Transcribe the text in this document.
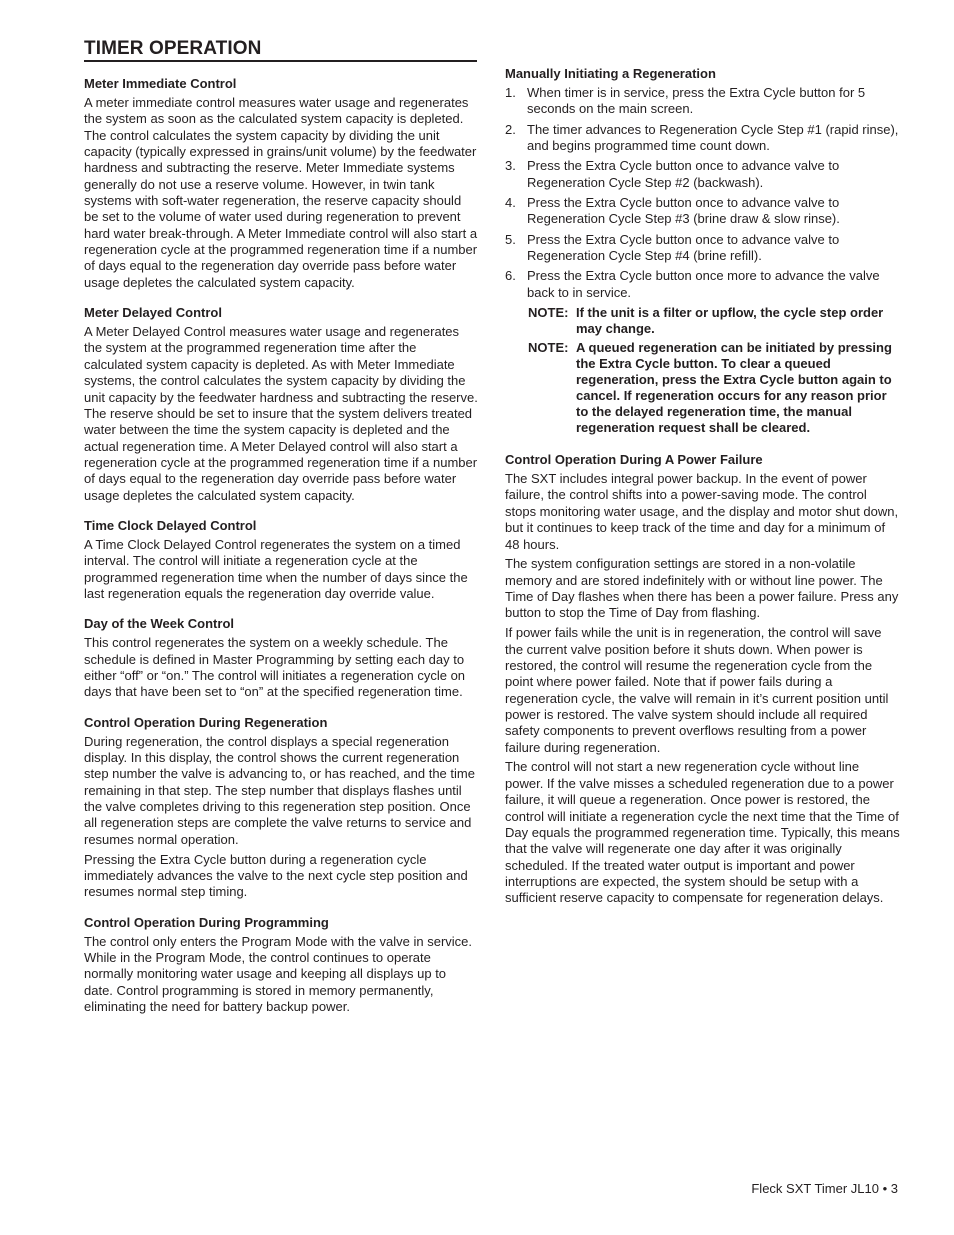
TIMER OPERATION
Meter Immediate Control

A meter immediate control measures water usage and regenerates the system as soon as the calculated system capacity is depleted. The control calculates the system capacity by dividing the unit capacity (typically expressed in grains/unit volume) by the feedwater hardness and subtracting the reserve. Meter Immediate systems generally do not use a reserve volume. However, in twin tank systems with soft-water regeneration, the reserve capacity should be set to the volume of water used during regeneration to prevent hard water break-through. A Meter Immediate control will also start a regeneration cycle at the programmed regeneration time if a number of days equal to the regeneration day override pass before water usage depletes the calculated system capacity.

Meter Delayed Control

A Meter Delayed Control measures water usage and regenerates the system at the programmed regeneration time after the calculated system capacity is depleted. As with Meter Immediate systems, the control calculates the system capacity by dividing the unit capacity by the feedwater hardness and subtracting the reserve. The reserve should be set to insure that the system delivers treated water between the time the system capacity is depleted and the actual regeneration time. A Meter Delayed control will also start a regeneration cycle at the programmed regeneration time if a number of days equal to the regeneration day override pass before water usage depletes the calculated system capacity.

Time Clock Delayed Control

A Time Clock Delayed Control regenerates the system on a timed interval. The control will initiate a regeneration cycle at the programmed regeneration time when the number of days since the last regeneration equals the regeneration day override value.

Day of the Week Control

This control regenerates the system on a weekly schedule. The schedule is defined in Master Programming by setting each day to either “off” or “on.” The control will initiates a regeneration cycle on days that have been set to “on” at the specified regeneration time.

Control Operation During Regeneration

During regeneration, the control displays a special regeneration display. In this display, the control shows the current regeneration step number the valve is advancing to, or has reached, and the time remaining in that step. The step number that displays flashes until the valve completes driving to this regeneration step position. Once all regeneration steps are complete the valve returns to service and resumes normal operation.

Pressing the Extra Cycle button during a regeneration cycle immediately advances the valve to the next cycle step position and resumes normal step timing.

Control Operation During Programming

The control only enters the Program Mode with the valve in service. While in the Program Mode, the control continues to operate normally monitoring water usage and keeping all displays up to date. Control programming is stored in memory permanently, eliminating the need for battery backup power.

Manually Initiating a Regeneration
1. When timer is in service, press the Extra Cycle button for 5 seconds on the main screen.
2. The timer advances to Regeneration Cycle Step #1 (rapid rinse), and begins programmed time count down.
3. Press the Extra Cycle button once to advance valve to Regeneration Cycle Step #2 (backwash).
4. Press the Extra Cycle button once to advance valve to Regeneration Cycle Step #3 (brine draw & slow rinse).
5. Press the Extra Cycle button once to advance valve to Regeneration Cycle Step #4 (brine refill).
6. Press the Extra Cycle button once more to advance the valve back to in service.
NOTE: If the unit is a filter or upflow, the cycle step order may change.
NOTE: A queued regeneration can be initiated by pressing the Extra Cycle button. To clear a queued regeneration, press the Extra Cycle button again to cancel. If regeneration occurs for any reason prior to the delayed regeneration time, the manual regeneration request shall be cleared.
Control Operation During A Power Failure

The SXT includes integral power backup. In the event of power failure, the control shifts into a power-saving mode. The control stops monitoring water usage, and the display and motor shut down, but it continues to keep track of the time and day for a minimum of 48 hours.

The system configuration settings are stored in a non-volatile memory and are stored indefinitely with or without line power. The Time of Day flashes when there has been a power failure. Press any button to stop the Time of Day from flashing.

If power fails while the unit is in regeneration, the control will save the current valve position before it shuts down. When power is restored, the control will resume the regeneration cycle from the point where power failed. Note that if power fails during a regeneration cycle, the valve will remain in it’s current position until power is restored. The valve system should include all required safety components to prevent overflows resulting from a power failure during regeneration.

The control will not start a new regeneration cycle without line power. If the valve misses a scheduled regeneration due to a power failure, it will queue a regeneration. Once power is restored, the control will initiate a regeneration cycle the next time that the Time of Day equals the programmed regeneration time. Typically, this means that the valve will regenerate one day after it was originally scheduled. If the treated water output is important and power interruptions are expected, the system should be setup with a sufficient reserve capacity to compensate for regeneration delays.

Fleck SXT Timer JL10 • 3
